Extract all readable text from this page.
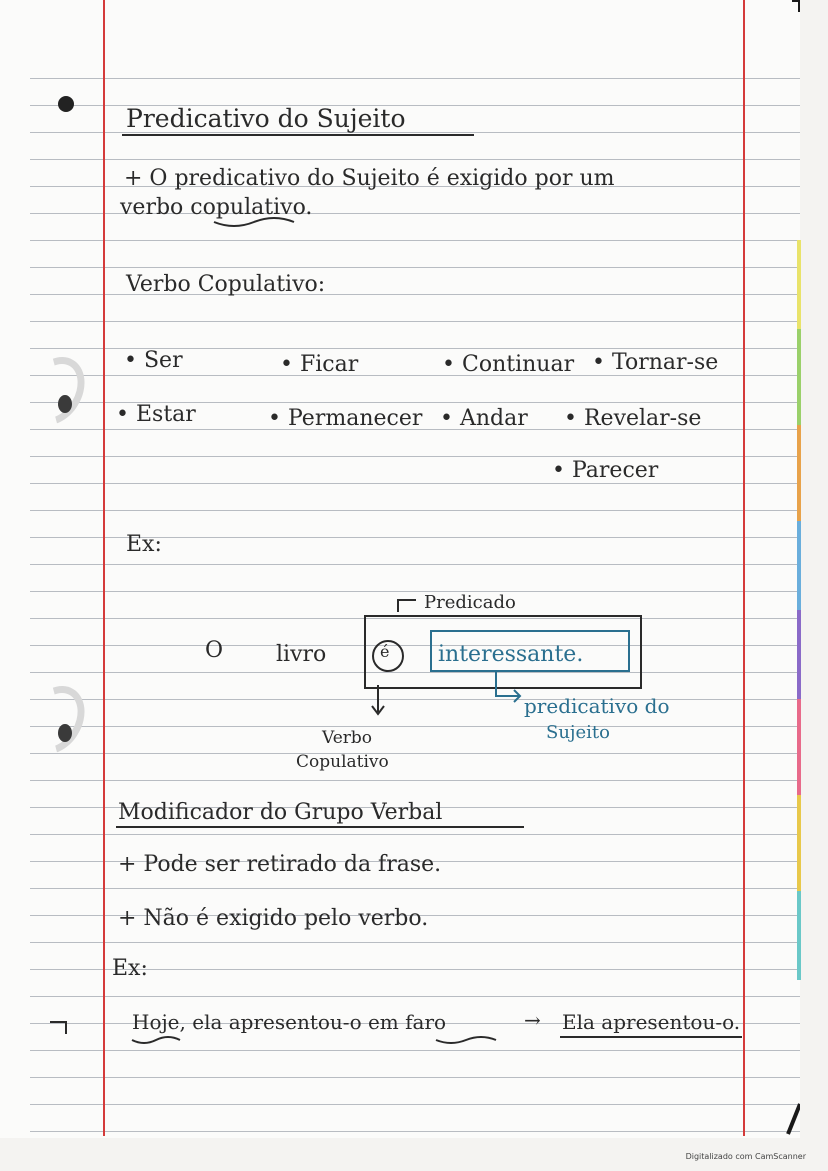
Predicativo do Sujeito
+ O predicativo do Sujeito é exigido por um
verbo copulativo.
Verbo Copulativo:
• Ser	• Ficar	• Continuar • Tornar-se
• Estar	• Permanecer • Andar • Revelar-se
• Parecer
Ex:
Predicado
O livro	é interessante.
predicativo do
Sujeito
Verbo
Copulativo
Modificador do Grupo Verbal
+ Pode ser retirado da frase.
+ Não é exigido pelo verbo.
Ex:
Hoje, ela apresentou-o em faro	→ Ela apresentou-o.
Digitalizado com CamScanner
